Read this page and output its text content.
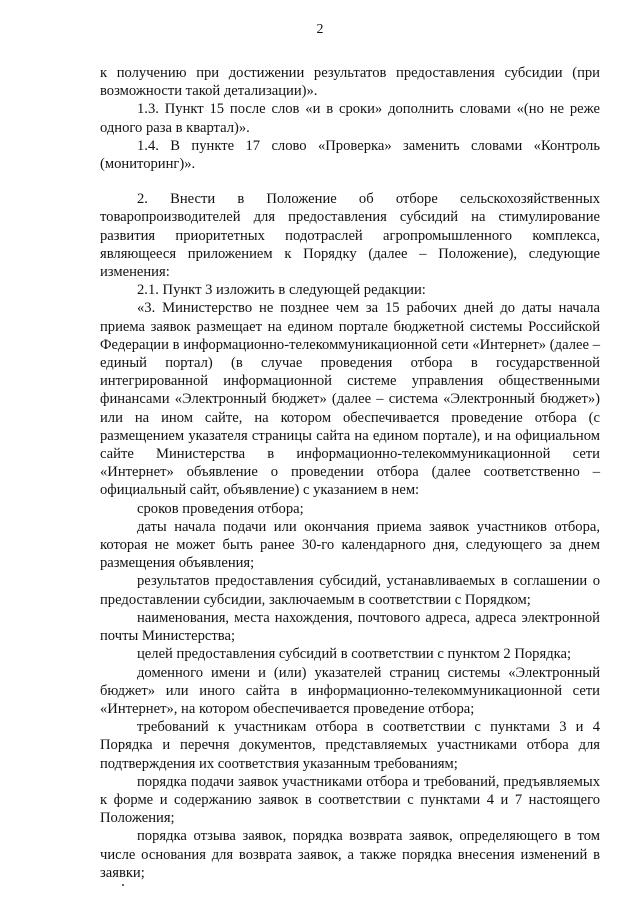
2

к получению при достижении результатов предоставления субсидии (при возможности такой детализации)».

1.3. Пункт 15 после слов «и в сроки» дополнить словами «(но не реже одного раза в квартал)».

1.4. В пункте 17 слово «Проверка» заменить словами «Контроль (мониторинг)».

2. Внести в Положение об отборе сельскохозяйственных товаропроизводителей для предоставления субсидий на стимулирование развития приоритетных подотраслей агропромышленного комплекса, являющееся приложением к Порядку (далее – Положение), следующие изменения:

2.1. Пункт 3 изложить в следующей редакции:

«3. Министерство не позднее чем за 15 рабочих дней до даты начала приема заявок размещает на едином портале бюджетной системы Российской Федерации в информационно-телекоммуникационной сети «Интернет» (далее – единый портал) (в случае проведения отбора в государственной интегрированной информационной системе управления общественными финансами «Электронный бюджет» (далее – система «Электронный бюджет») или на ином сайте, на котором обеспечивается проведение отбора (с размещением указателя страницы сайта на едином портале), и на официальном сайте Министерства в информационно-телекоммуникационной сети «Интернет» объявление о проведении отбора (далее соответственно – официальный сайт, объявление) с указанием в нем:

сроков проведения отбора;

даты начала подачи или окончания приема заявок участников отбора, которая не может быть ранее 30-го календарного дня, следующего за днем размещения объявления;

результатов предоставления субсидий, устанавливаемых в соглашении о предоставлении субсидии, заключаемым в соответствии с Порядком;

наименования, места нахождения, почтового адреса, адреса электронной почты Министерства;

целей предоставления субсидий в соответствии с пунктом 2 Порядка;

доменного имени и (или) указателей страниц системы «Электронный бюджет» или иного сайта в информационно-телекоммуникационной сети «Интернет», на котором обеспечивается проведение отбора;

требований к участникам отбора в соответствии с пунктами 3 и 4 Порядка и перечня документов, представляемых участниками отбора для подтверждения их соответствия указанным требованиям;

порядка подачи заявок участниками отбора и требований, предъявляемых к форме и содержанию заявок в соответствии с пунктами 4 и 7 настоящего Положения;

порядка отзыва заявок, порядка возврата заявок, определяющего в том числе основания для возврата заявок, а также порядка внесения изменений в заявки;
